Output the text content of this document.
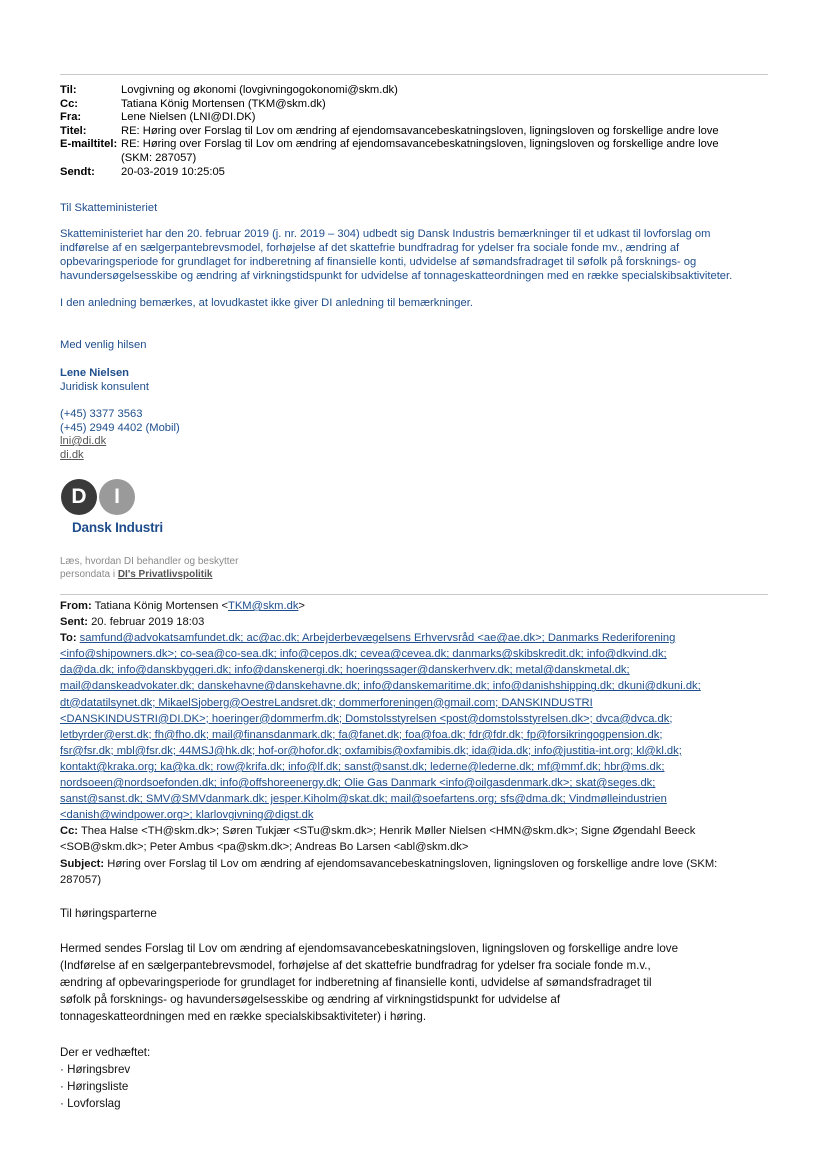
Til:	Lovgivning og økonomi (lovgivningogokonomi@skm.dk)
Cc:	Tatiana König Mortensen (TKM@skm.dk)
Fra:	Lene Nielsen (LNI@DI.DK)
Titel:	RE: Høring over Forslag til Lov om ændring af ejendomsavancebeskatningsloven, ligningsloven og forskellige andre love
E-mailtitel: RE: Høring over Forslag til Lov om ændring af ejendomsavancebeskatningsloven, ligningsloven og forskellige andre love
(SKM: 287057)
Sendt:	20-03-2019 10:25:05
Til Skatteministeriet
Skatteministeriet har den 20. februar 2019 (j. nr. 2019 – 304) udbedt sig Dansk Industris bemærkninger til et udkast til lovforslag om
indførelse af en sælgerpantebrevsmodel, forhøjelse af det skattefrie bundfradrag for ydelser fra sociale fonde mv., ændring af
opbevaringsperiode for grundlaget for indberetning af finansielle konti, udvidelse af sømandsfradraget til søfolk på forsknings- og
havundersøgelsesskibe og ændring af virkningstidspunkt for udvidelse af tonnageskatteordningen med en række specialskibsaktiviteter.
I den anledning bemærkes, at lovudkastet ikke giver DI anledning til bemærkninger.
Med venlig hilsen
Lene Nielsen
Juridisk konsulent
(+45) 3377 3563
(+45) 2949 4402 (Mobil)
lni@di.dk
di.dk
D	I
Dansk Industri
Læs, hvordan DI behandler og beskytter
persondata i DI's Privatlivspolitik
From: Tatiana König Mortensen <TKM@skm.dk>
Sent: 20. februar 2019 18:03
To: samfund@advokatsamfundet.dk; ac@ac.dk; Arbejderbevægelsens Erhvervsråd <ae@ae.dk>; Danmarks Rederiforening
<info@shipowners.dk>; co-sea@co-sea.dk; info@cepos.dk; cevea@cevea.dk; danmarks@skibskredit.dk; info@dkvind.dk;
da@da.dk; info@danskbyggeri.dk; info@danskenergi.dk; hoeringssager@danskerhverv.dk; metal@danskmetal.dk;
mail@danskeadvokater.dk; danskehavne@danskehavne.dk; info@danskemaritime.dk; info@danishshipping.dk; dkuni@dkuni.dk;
dt@datatilsynet.dk; MikaelSjoberg@OestreLandsret.dk; dommerforeningen@gmail.com; DANSKINDUSTRI
<DANSKINDUSTRI@DI.DK>; hoeringer@dommerfm.dk; Domstolsstyrelsen <post@domstolsstyrelsen.dk>; dvca@dvca.dk;
letbyrder@erst.dk; fh@fho.dk; mail@finansdanmark.dk; fa@fanet.dk; foa@foa.dk; fdr@fdr.dk; fp@forsikringogpension.dk;
fsr@fsr.dk; mbl@fsr.dk; 44MSJ@hk.dk; hof-or@hofor.dk; oxfamibis@oxfamibis.dk; ida@ida.dk; info@justitia-int.org; kl@kl.dk;
kontakt@kraka.org; ka@ka.dk; row@krifa.dk; info@lf.dk; sanst@sanst.dk; ledernе@lederne.dk; mf@mmf.dk; hbr@ms.dk;
nordsoeen@nordsoefonden.dk; info@offshoreenergy.dk; Olie Gas Danmark <info@oilgasdenmark.dk>; skat@seges.dk;
sanst@sanst.dk; SMV@SMVdanmark.dk; jesper.Kiholm@skat.dk; mail@soefartens.org; sfs@dma.dk; Vindmølleindustrien
<danish@windpower.org>; klarlovgivning@digst.dk
Cc: Thea Halse <TH@skm.dk>; Søren Tukjær <STu@skm.dk>; Henrik Møller Nielsen <HMN@skm.dk>; Signe Øgendahl Beeck
<SOB@skm.dk>; Peter Ambus <pa@skm.dk>; Andreas Bo Larsen <abl@skm.dk>
Subject: Høring over Forslag til Lov om ændring af ejendomsavancebeskatningsloven, ligningsloven og forskellige andre love (SKM:
287057)
Til høringsparterne

Hermed sendes Forslag til Lov om ændring af ejendomsavancebeskatningsloven, ligningsloven og forskellige andre love

(Indførelse af en sælgerpantebrevsmodel, forhøjelse af det skattefrie bundfradrag for ydelser fra sociale fonde m.v.,

ændring af opbevaringsperiode for grundlaget for indberetning af finansielle konti, udvidelse af sømandsfradraget til

søfolk på forsknings- og havundersøgelsesskibe og ændring af virkningstidspunkt for udvidelse af

tonnageskatteordningen med en række specialskibsaktiviteter) i høring.

Der er vedhæftet:

· Høringsbrev

· Høringsliste

· Lovforslag
